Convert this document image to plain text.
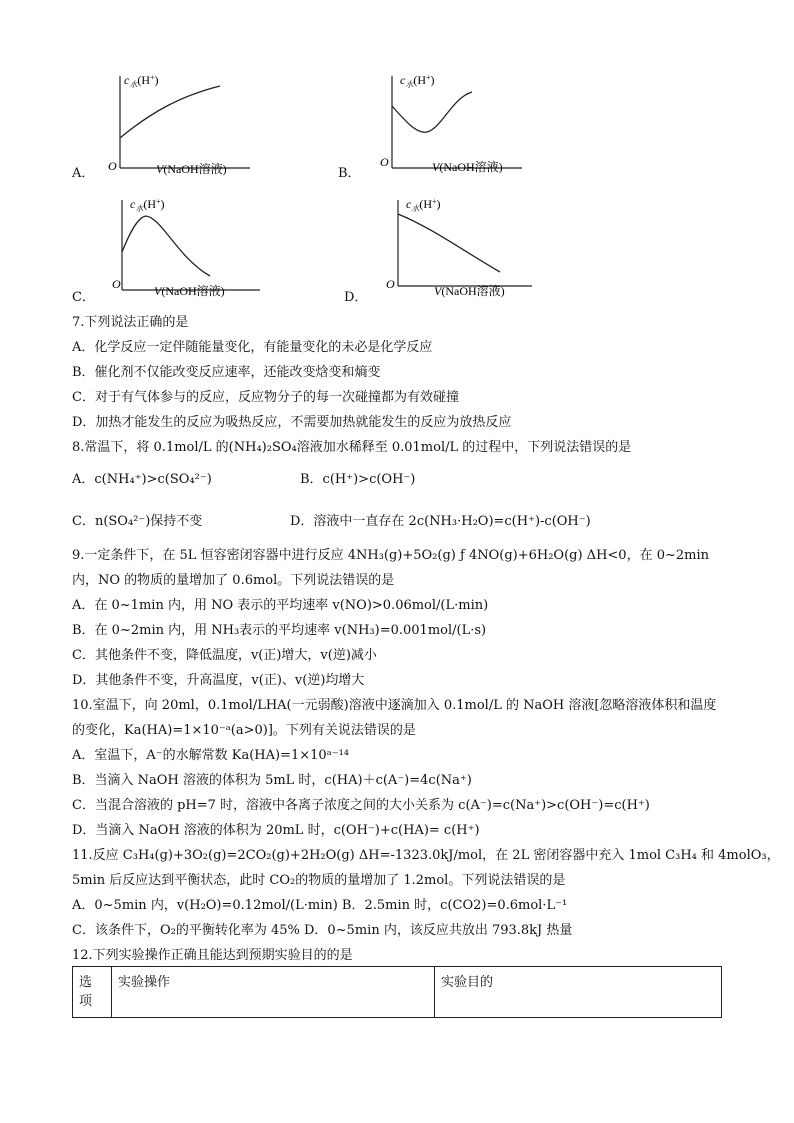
A．
$c_水(H^+)$
O	V(NaOH溶液)	B．
$c_水(H^+)$
O	V(NaOH溶液)
C．
$c_水(H^+)$
O	V(NaOH溶液)	D．
$c_水(H^+)$
O	V(NaOH溶液)
7.下列说法正确的是
A．化学反应一定伴随能量变化，有能量变化的未必是化学反应
B．催化剂不仅能改变反应速率，还能改变焓变和熵变
C．对于有气体参与的反应，反应物分子的每一次碰撞都为有效碰撞
D．加热才能发生的反应为吸热反应，不需要加热就能发生的反应为放热反应
8.常温下，将 0.1mol/L 的(NH₄)₂SO₄溶液加水稀释至 0.01mol/L 的过程中，下列说法错误的是
A．c(NH₄⁺)>c(SO₄²⁻)	B．c(H⁺)>c(OH⁻)
C．n(SO₄²⁻)保持不变	D．溶液中一直存在 2c(NH₃·H₂O)=c(H⁺)-c(OH⁻)
9.一定条件下，在 5L 恒容密闭容器中进行反应 4NH₃(g)+5O₂(g) ƒ 4NO(g)+6H₂O(g) ΔH<0，在 0~2min
内，NO 的物质的量增加了 0.6mol。下列说法错误的是
A．在 0~1min 内，用 NO 表示的平均速率 v(NO)>0.06mol/(L·min)
B．在 0~2min 内，用 NH₃表示的平均速率 v(NH₃)=0.001mol/(L·s)
C．其他条件不变，降低温度，v(正)增大，v(逆)减小
D．其他条件不变，升高温度，v(正)、v(逆)均增大
10.室温下，向 20ml，0.1mol/LHA(一元弱酸)溶液中逐滴加入 0.1mol/L 的 NaOH 溶液[忽略溶液体积和温度
的变化，Ka(HA)=1×10⁻ᵃ(a>0)]。下列有关说法错误的是
A．室温下，A⁻的水解常数 Ka(HA)=1×10ᵃ⁻¹⁴
B．当滴入 NaOH 溶液的体积为 5mL 时，c(HA)＋c(A⁻)=4c(Na⁺)
C．当混合溶液的 pH=7 时，溶液中各离子浓度之间的大小关系为 c(A⁻)=c(Na⁺)>c(OH⁻)=c(H⁺)
D．当滴入 NaOH 溶液的体积为 20mL 时，c(OH⁻)+c(HA)= c(H⁺)
11.反应 C₃H₄(g)+3O₂(g)=2CO₂(g)+2H₂O(g) ΔH=-1323.0kJ/mol，在 2L 密闭容器中充入 1mol C₃H₄ 和 4molO₃，
5min 后反应达到平衡状态，此时 CO₂的物质的量增加了 1.2mol。下列说法错误的是
A．0~5min 内，v(H₂O)=0.12mol/(L·min) B．2.5min 时，c(CO2)=0.6mol·L⁻¹
C．该条件下，O₂的平衡转化率为 45% D．0~5min 内，该反应共放出 793.8kJ 热量
12.下列实验操作正确且能达到预期实验目的的是
选
项
	实验操作	实验目的
